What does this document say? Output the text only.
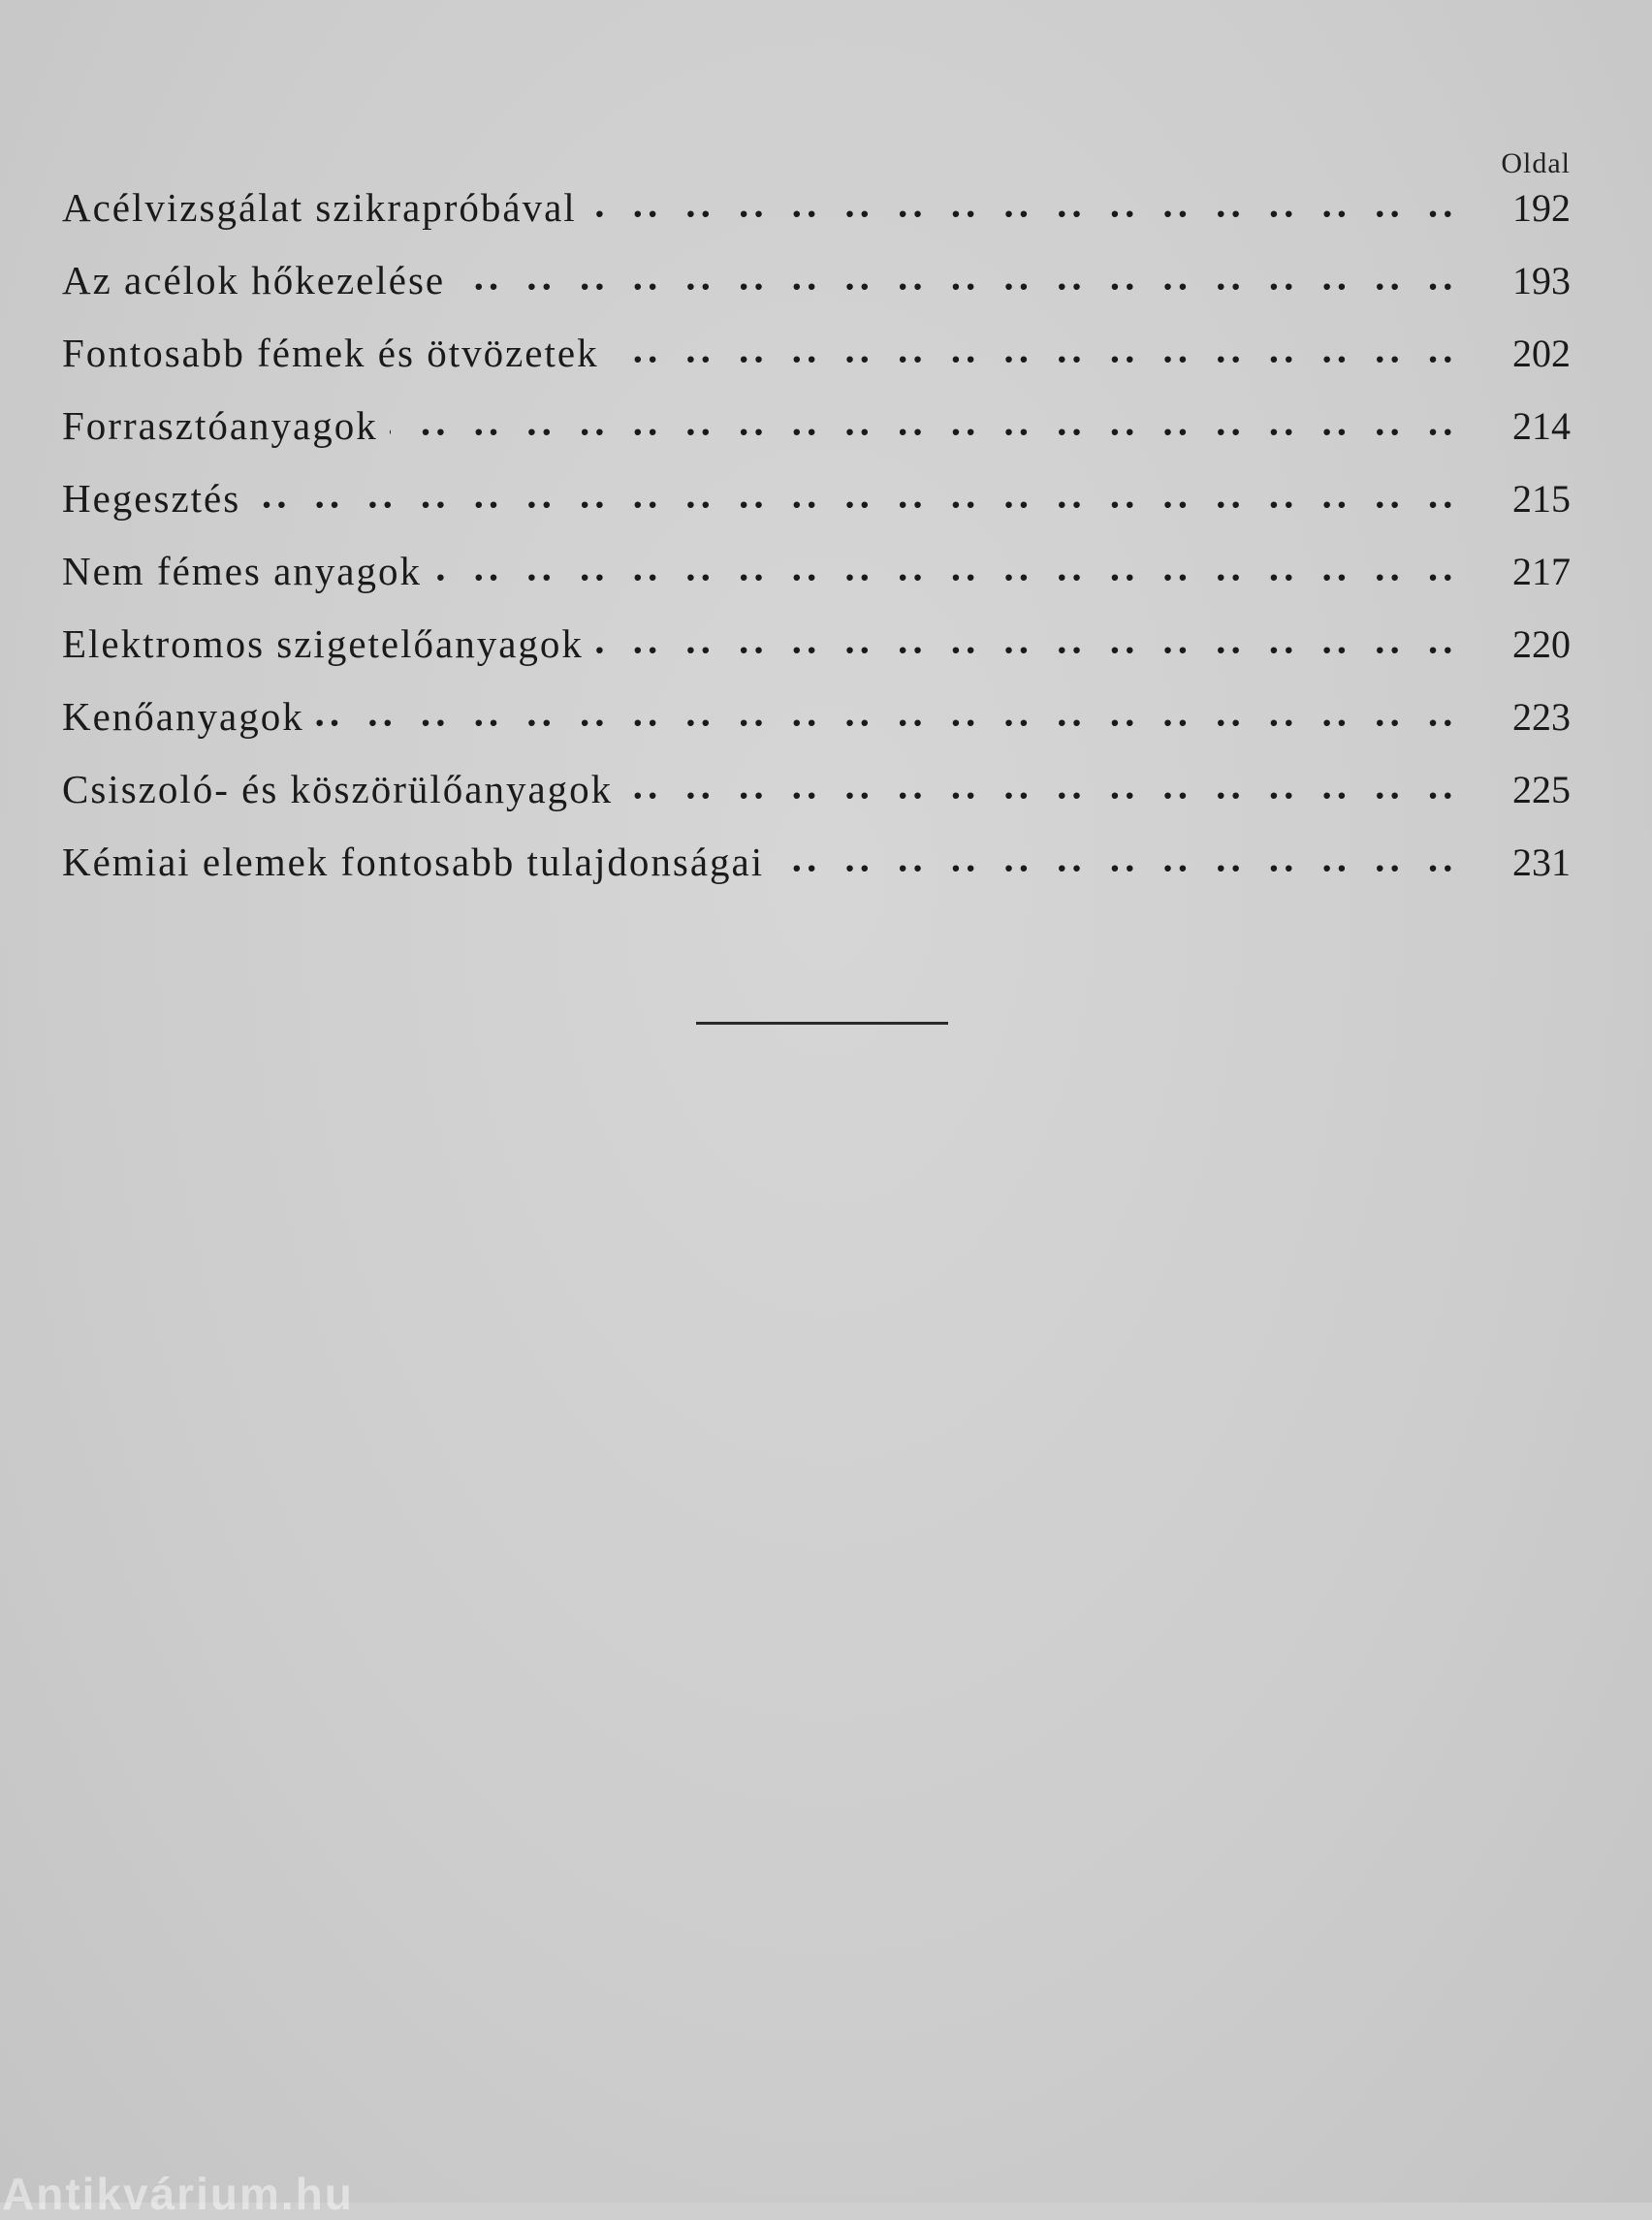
Oldal
Acélvizsgálat szikrapróbával ··  ·	192
Az acélok hőkezelése ··  ·	193
Fontosabb fémek és ötvözetek ··  ·	202
Forrasztóanyagok ··  ·	214
Hegesztés ··  ·	215
Nem fémes anyagok ··  ·	217
Elektromos szigetelőanyagok ··  ·	220
Kenőanyagok ··  ·	223
Csiszoló- és köszörülőanyagok ··  ·	225
Kémiai elemek fontosabb tulajdonságai ··  ·	231
Antikvárium.hu
